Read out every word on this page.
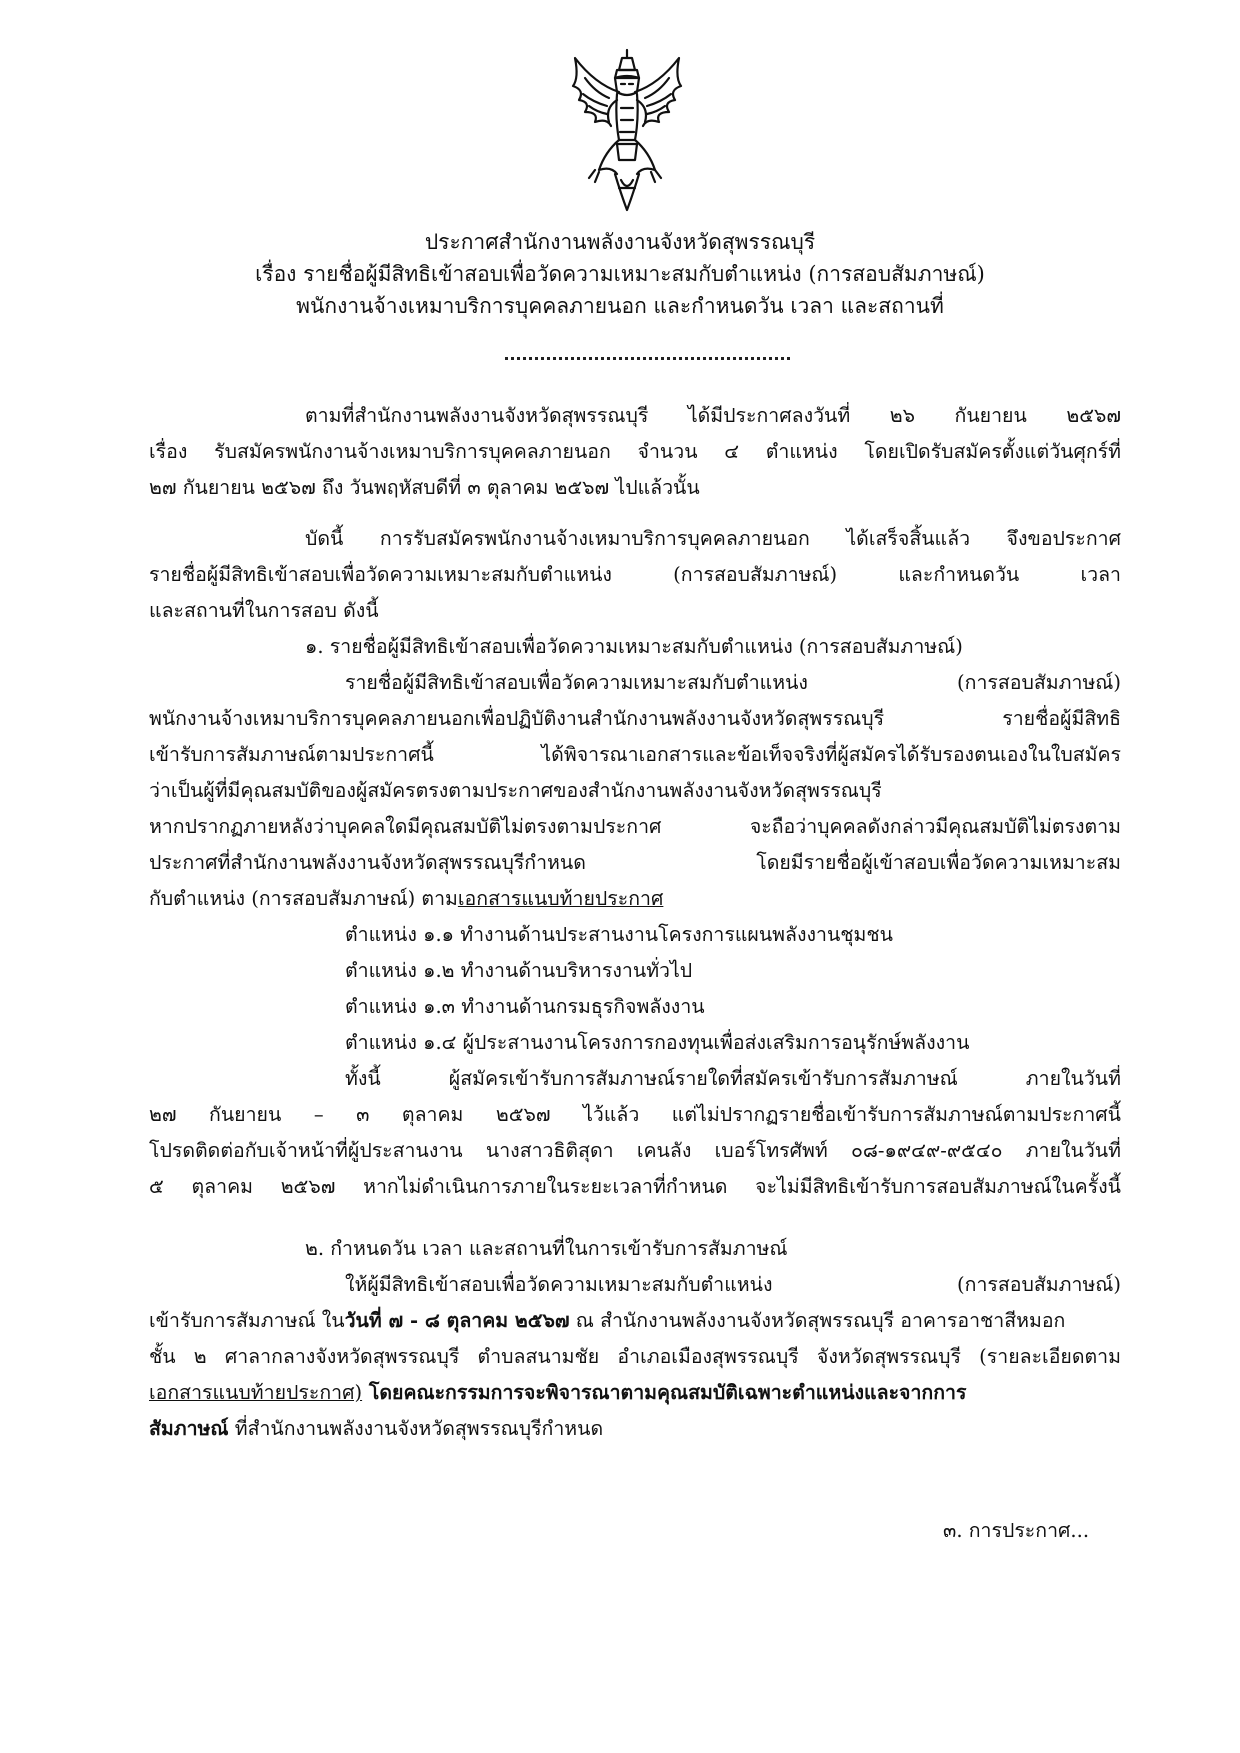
ประกาศสำนักงานพลังงานจังหวัดสุพรรณบุรี
เรื่อง รายชื่อผู้มีสิทธิเข้าสอบเพื่อวัดความเหมาะสมกับตำแหน่ง (การสอบสัมภาษณ์)
พนักงานจ้างเหมาบริการบุคคลภายนอก และกำหนดวัน เวลา และสถานที่
ตามที่สำนักงานพลังงานจังหวัดสุพรรณบุรี ได้มีประกาศลงวันที่ ๒๖ กันยายน ๒๕๖๗
เรื่อง รับสมัครพนักงานจ้างเหมาบริการบุคคลภายนอก จำนวน ๔ ตำแหน่ง โดยเปิดรับสมัครตั้งแต่วันศุกร์ที่
๒๗ กันยายน ๒๕๖๗ ถึง วันพฤหัสบดีที่ ๓ ตุลาคม ๒๕๖๗ ไปแล้วนั้น
บัดนี้ การรับสมัครพนักงานจ้างเหมาบริการบุคคลภายนอก ได้เสร็จสิ้นแล้ว จึงขอประกาศ
รายชื่อผู้มีสิทธิเข้าสอบเพื่อวัดความเหมาะสมกับตำแหน่ง (การสอบสัมภาษณ์) และกำหนดวัน เวลา
และสถานที่ในการสอบ ดังนี้
๑. รายชื่อผู้มีสิทธิเข้าสอบเพื่อวัดความเหมาะสมกับตำแหน่ง (การสอบสัมภาษณ์)
รายชื่อผู้มีสิทธิเข้าสอบเพื่อวัดความเหมาะสมกับตำแหน่ง (การสอบสัมภาษณ์)
พนักงานจ้างเหมาบริการบุคคลภายนอกเพื่อปฏิบัติงานสำนักงานพลังงานจังหวัดสุพรรณบุรี รายชื่อผู้มีสิทธิ
เข้ารับการสัมภาษณ์ตามประกาศนี้ ได้พิจารณาเอกสารและข้อเท็จจริงที่ผู้สมัครได้รับรองตนเองในใบสมัคร
ว่าเป็นผู้ที่มีคุณสมบัติของผู้สมัครตรงตามประกาศของสำนักงานพลังงานจังหวัดสุพรรณบุรี
หากปรากฏภายหลังว่าบุคคลใดมีคุณสมบัติไม่ตรงตามประกาศ จะถือว่าบุคคลดังกล่าวมีคุณสมบัติไม่ตรงตาม
ประกาศที่สำนักงานพลังงานจังหวัดสุพรรณบุรีกำหนด โดยมีรายชื่อผู้เข้าสอบเพื่อวัดความเหมาะสม
กับตำแหน่ง (การสอบสัมภาษณ์) ตามเอกสารแนบท้ายประกาศ
ตำแหน่ง ๑.๑ ทำงานด้านประสานงานโครงการแผนพลังงานชุมชน
ตำแหน่ง ๑.๒ ทำงานด้านบริหารงานทั่วไป
ตำแหน่ง ๑.๓ ทำงานด้านกรมธุรกิจพลังงาน
ตำแหน่ง ๑.๔ ผู้ประสานงานโครงการกองทุนเพื่อส่งเสริมการอนุรักษ์พลังงาน
ทั้งนี้ ผู้สมัครเข้ารับการสัมภาษณ์รายใดที่สมัครเข้ารับการสัมภาษณ์ ภายในวันที่
๒๗ กันยายน – ๓ ตุลาคม ๒๕๖๗ ไว้แล้ว แต่ไม่ปรากฏรายชื่อเข้ารับการสัมภาษณ์ตามประกาศนี้
โปรดติดต่อกับเจ้าหน้าที่ผู้ประสานงาน นางสาวธิติสุดา เคนลัง เบอร์โทรศัพท์ ๐๘-๑๙๔๙-๙๕๔๐ ภายในวันที่
๕ ตุลาคม ๒๕๖๗ หากไม่ดำเนินการภายในระยะเวลาที่กำหนด จะไม่มีสิทธิเข้ารับการสอบสัมภาษณ์ในครั้งนี้
๒. กำหนดวัน เวลา และสถานที่ในการเข้ารับการสัมภาษณ์
ให้ผู้มีสิทธิเข้าสอบเพื่อวัดความเหมาะสมกับตำแหน่ง (การสอบสัมภาษณ์)
เข้ารับการสัมภาษณ์ ในวันที่ ๗ - ๘ ตุลาคม ๒๕๖๗ ณ สำนักงานพลังงานจังหวัดสุพรรณบุรี อาคารอาชาสีหมอก
ชั้น ๒ ศาลากลางจังหวัดสุพรรณบุรี ตำบลสนามชัย อำเภอเมืองสุพรรณบุรี จังหวัดสุพรรณบุรี (รายละเอียดตาม
เอกสารแนบท้ายประกาศ) โดยคณะกรรมการจะพิจารณาตามคุณสมบัติเฉพาะตำแหน่งและจากการ
สัมภาษณ์ ที่สำนักงานพลังงานจังหวัดสุพรรณบุรีกำหนด
๓. การประกาศ...
